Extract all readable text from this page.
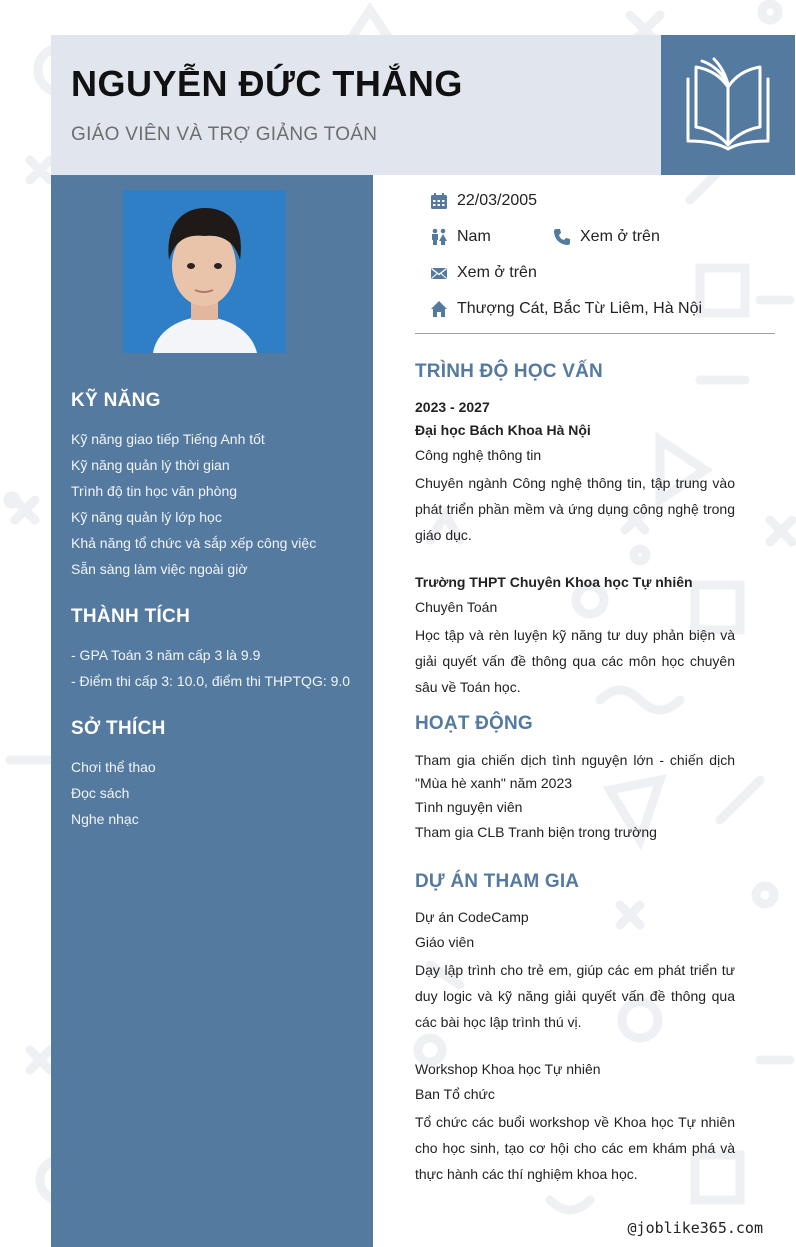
NGUYỄN ĐỨC THẮNG
GIÁO VIÊN VÀ TRỢ GIẢNG TOÁN
KỸ NĂNG
Kỹ năng giao tiếp Tiếng Anh tốt
Kỹ năng quản lý thời gian
Trình độ tin học văn phòng
Kỹ năng quản lý lớp học
Khả năng tổ chức và sắp xếp công việc
Sẵn sàng làm việc ngoài giờ
THÀNH TÍCH
- GPA Toán 3 năm cấp 3 là 9.9
- Điểm thi cấp 3: 10.0, điểm thi THPTQG: 9.0
SỞ THÍCH
Chơi thể thao
Đọc sách
Nghe nhạc
22/03/2005
Nam	Xem ở trên
Xem ở trên
Thượng Cát, Bắc Từ Liêm, Hà Nội
TRÌNH ĐỘ HỌC VẤN
2023 - 2027
Đại học Bách Khoa Hà Nội
Công nghệ thông tin
Chuyên ngành Công nghệ thông tin, tập trung vào phát triển phần mềm và ứng dụng công nghệ trong giáo dục.
Trường THPT Chuyên Khoa học Tự nhiên
Chuyên Toán
Học tập và rèn luyện kỹ năng tư duy phản biện và giải quyết vấn đề thông qua các môn học chuyên sâu về Toán học.
HOẠT ĐỘNG
Tham gia chiến dịch tình nguyện lớn - chiến dịch "Mùa hè xanh" năm 2023
Tình nguyện viên
Tham gia CLB Tranh biện trong trường
DỰ ÁN THAM GIA
Dự án CodeCamp
Giáo viên
Dạy lập trình cho trẻ em, giúp các em phát triển tư duy logic và kỹ năng giải quyết vấn đề thông qua các bài học lập trình thú vị.
Workshop Khoa học Tự nhiên
Ban Tổ chức
Tổ chức các buổi workshop về Khoa học Tự nhiên cho học sinh, tạo cơ hội cho các em khám phá và thực hành các thí nghiệm khoa học.
@joblike365.com
